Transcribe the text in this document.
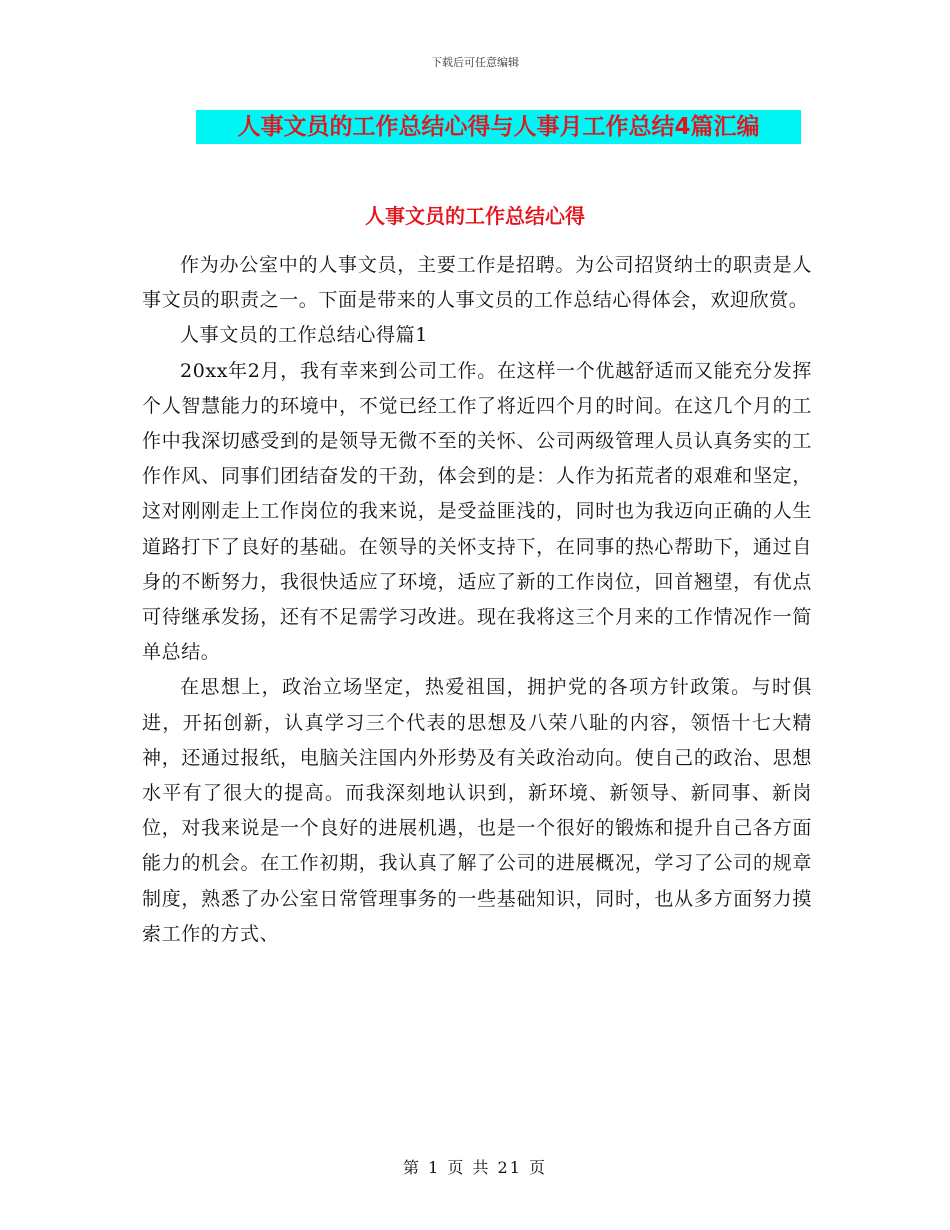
下载后可任意编辑
人事文员的工作总结心得与人事月工作总结4篇汇编
人事文员的工作总结心得

作为办公室中的人事文员，主要工作是招聘。为公司招贤纳士的职责是人事文员的职责之一。下面是带来的人事文员的工作总结心得体会，欢迎欣赏。

人事文员的工作总结心得篇1

20xx年2月，我有幸来到公司工作。在这样一个优越舒适而又能充分发挥个人智慧能力的环境中，不觉已经工作了将近四个月的时间。在这几个月的工作中我深切感受到的是领导无微不至的关怀、公司两级管理人员认真务实的工作作风、同事们团结奋发的干劲，体会到的是：人作为拓荒者的艰难和坚定，这对刚刚走上工作岗位的我来说，是受益匪浅的，同时也为我迈向正确的人生道路打下了良好的基础。在领导的关怀支持下，在同事的热心帮助下，通过自身的不断努力，我很快适应了环境，适应了新的工作岗位，回首翘望，有优点可待继承发扬，还有不足需学习改进。现在我将这三个月来的工作情况作一简单总结。

在思想上，政治立场坚定，热爱祖国，拥护党的各项方针政策。与时俱进，开拓创新，认真学习三个代表的思想及八荣八耻的内容，领悟十七大精神，还通过报纸，电脑关注国内外形势及有关政治动向。使自己的政治、思想水平有了很大的提高。而我深刻地认识到，新环境、新领导、新同事、新岗位，对我来说是一个良好的进展机遇，也是一个很好的锻炼和提升自己各方面能力的机会。在工作初期，我认真了解了公司的进展概况，学习了公司的规章制度，熟悉了办公室日常管理事务的一些基础知识，同时，也从多方面努力摸索工作的方式、

第 1 页 共 21 页
